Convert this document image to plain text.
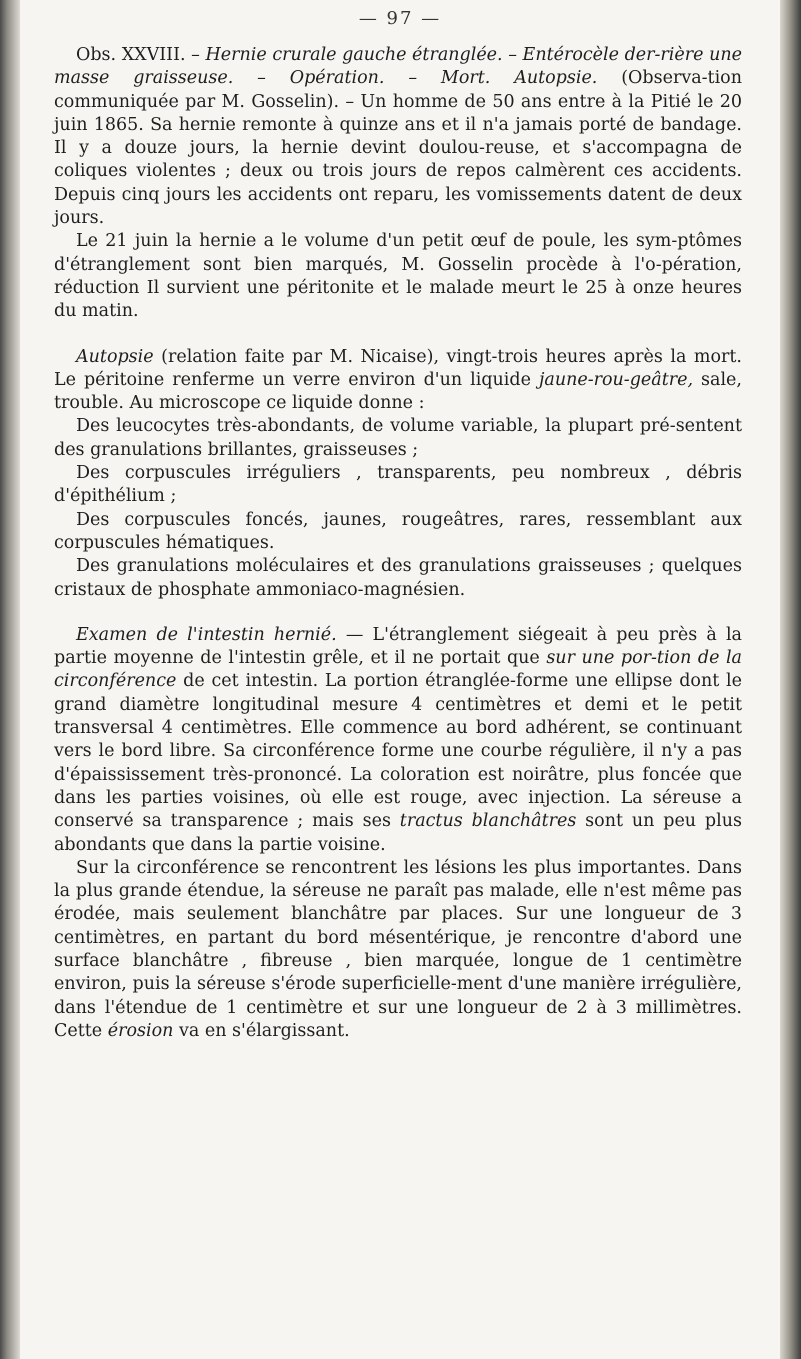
— 97 —

Obs. XXVIII. – Hernie crurale gauche étranglée. – Entérocèle der-rière une masse graisseuse. – Opération. – Mort. Autopsie. (Observa-tion communiquée par M. Gosselin). – Un homme de 50 ans entre à la Pitié le 20 juin 1865. Sa hernie remonte à quinze ans et il n'a jamais porté de bandage. Il y a douze jours, la hernie devint doulou-reuse, et s'accompagna de coliques violentes ; deux ou trois jours de repos calmèrent ces accidents. Depuis cinq jours les accidents ont reparu, les vomissements datent de deux jours.

Le 21 juin la hernie a le volume d'un petit œuf de poule, les sym-ptômes d'étranglement sont bien marqués, M. Gosselin procède à l'o-pération, réduction Il survient une péritonite et le malade meurt le 25 à onze heures du matin.

Autopsie (relation faite par M. Nicaise), vingt-trois heures après la mort. Le péritoine renferme un verre environ d'un liquide jaune-rou-geâtre, sale, trouble. Au microscope ce liquide donne :

Des leucocytes très-abondants, de volume variable, la plupart pré-sentent des granulations brillantes, graisseuses ;

Des corpuscules irréguliers , transparents, peu nombreux , débris d'épithélium ;

Des corpuscules foncés, jaunes, rougeâtres, rares, ressemblant aux corpuscules hématiques.

Des granulations moléculaires et des granulations graisseuses ; quelques cristaux de phosphate ammoniaco-magnésien.

Examen de l'intestin hernié. — L'étranglement siégeait à peu près à la partie moyenne de l'intestin grêle, et il ne portait que sur une por-tion de la circonférence de cet intestin. La portion étranglée-forme une ellipse dont le grand diamètre longitudinal mesure 4 centimètres et demi et le petit transversal 4 centimètres. Elle commence au bord adhérent, se continuant vers le bord libre. Sa circonférence forme une courbe régulière, il n'y a pas d'épaississement très-prononcé. La coloration est noirâtre, plus foncée que dans les parties voisines, où elle est rouge, avec injection. La séreuse a conservé sa transparence ; mais ses tractus blanchâtres sont un peu plus abondants que dans la partie voisine.

Sur la circonférence se rencontrent les lésions les plus importantes. Dans la plus grande étendue, la séreuse ne paraît pas malade, elle n'est même pas érodée, mais seulement blanchâtre par places. Sur une longueur de 3 centimètres, en partant du bord mésentérique, je rencontre d'abord une surface blanchâtre , fibreuse , bien marquée, longue de 1 centimètre environ, puis la séreuse s'érode superficielle-ment d'une manière irrégulière, dans l'étendue de 1 centimètre et sur une longueur de 2 à 3 millimètres. Cette érosion va en s'élargissant.
